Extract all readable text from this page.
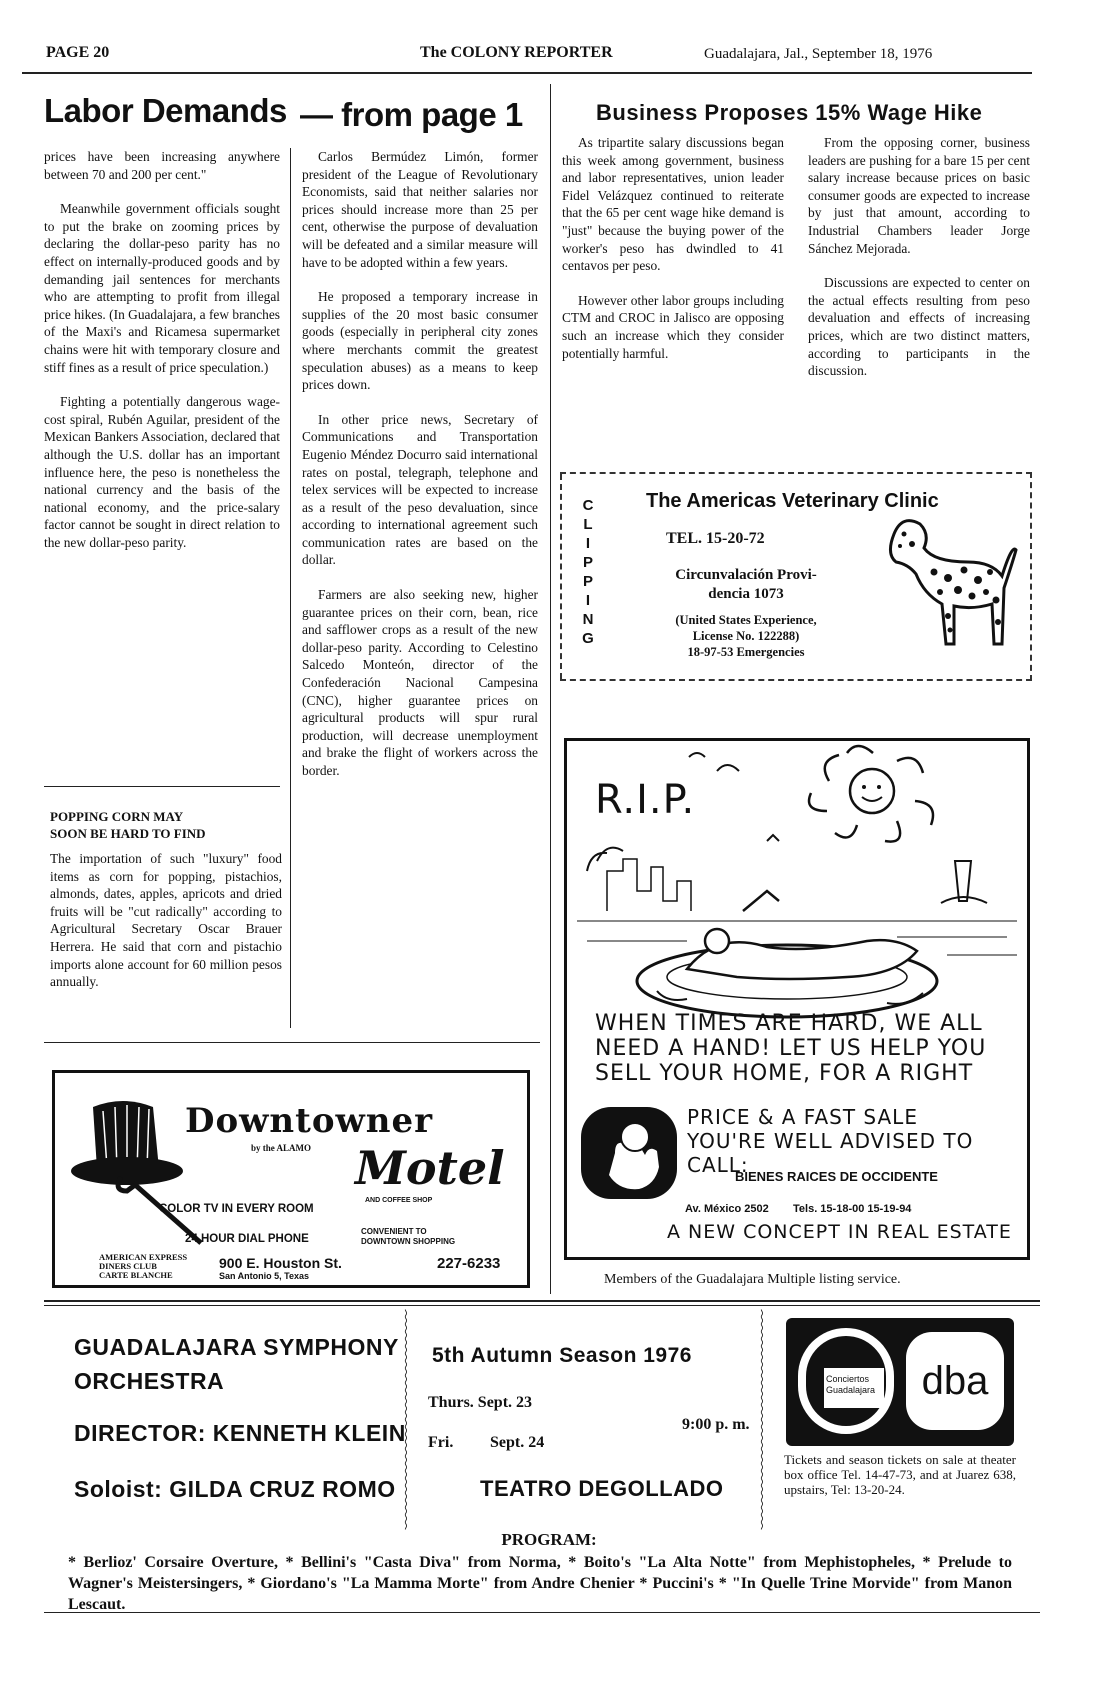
PAGE 20	The COLONY REPORTER	Guadalajara, Jal., September 18, 1976
Labor Demands — from page 1

prices have been increasing anywhere between 70 and 200 per cent."

Meanwhile government officials sought to put the brake on zooming prices by declaring the dollar-peso parity has no effect on internally-produced goods and by demanding jail sentences for merchants who are attempting to profit from illegal price hikes. (In Guadalajara, a few branches of the Maxi's and Ricamesa supermarket chains were hit with temporary closure and stiff fines as a result of price speculation.)

Fighting a potentially dangerous wage-cost spiral, Rubén Aguilar, president of the Mexican Bankers Association, declared that although the U.S. dollar has an important influence here, the peso is nonetheless the national currency and the basis of the national economy, and the price-salary factor cannot be sought in direct relation to the new dollar-peso parity.

POPPING CORN MAY
SOON BE HARD TO FIND
The importation of such "luxury" food items as corn for popping, pistachios, almonds, dates, apples, apricots and dried fruits will be "cut radically" according to Agricultural Secretary Oscar Brauer Herrera. He said that corn and pistachio imports alone account for 60 million pesos annually.

Carlos Bermúdez Limón, former president of the League of Revolutionary Economists, said that neither salaries nor prices should increase more than 25 per cent, otherwise the purpose of devaluation will be defeated and a similar measure will have to be adopted within a few years.

He proposed a temporary increase in supplies of the 20 most basic consumer goods (especially in peripheral city zones where merchants commit the greatest speculation abuses) as a means to keep prices down.

In other price news, Secretary of Communications and Transportation Eugenio Méndez Docurro said international rates on postal, telegraph, telephone and telex services will be expected to increase as a result of the peso devaluation, since according to international agreement such communication rates are based on the dollar.

Farmers are also seeking new, higher guarantee prices on their corn, bean, rice and safflower crops as a result of the new dollar-peso parity. According to Celestino Salcedo Monteón, director of the Confederación Nacional Campesina (CNC), higher guarantee prices on agricultural products will spur rural production, will decrease unemployment and brake the flight of workers across the border.

Business Proposes 15% Wage Hike

As tripartite salary discussions began this week among government, business and labor representatives, union leader Fidel Velázquez continued to reiterate that the 65 per cent wage hike demand is "just" because the buying power of the worker's peso has dwindled to 41 centavos per peso.

However other labor groups including CTM and CROC in Jalisco are opposing such an increase which they consider potentially harmful.

From the opposing corner, business leaders are pushing for a bare 15 per cent salary increase because prices on basic consumer goods are expected to increase by just that amount, according to Industrial Chambers leader Jorge Sánchez Mejorada.

Discussions are expected to center on the actual effects resulting from peso devaluation and effects of increasing prices, which are two distinct matters, according to participants in the discussion.

C
L
I
P
P
I
N
G
The Americas Veterinary Clinic
TEL. 15-20-72
Circunvalación Provi-
dencia 1073
(United States Experience,
License No. 122288)
18-97-53 Emergencies
R.I.P.
WHEN TIMES ARE HARD, WE ALL
NEED A HAND! LET US HELP YOU
SELL YOUR HOME, FOR A RIGHT
PRICE & A FAST SALE
YOU'RE WELL ADVISED TO CALL:
BIENES RAICES DE OCCIDENTE
Av. México 2502 Tels. 15-18-00 15-19-94
A NEW CONCEPT IN REAL ESTATE
Members of the Guadalajara Multiple listing service.
Downtowner
by the ALAMO Motel
COLOR TV IN EVERY ROOM
AND COFFEE SHOP
24 HOUR DIAL PHONE
CONVENIENT TO
DOWNTOWN SHOPPING
AMERICAN EXPRESS
DINERS CLUB
CARTE BLANCHE
900 E. Houston St.
San Antonio 5, Texas
227-6233
GUADALAJARA SYMPHONY
ORCHESTRA
DIRECTOR: KENNETH KLEIN
Soloist: GILDA CRUZ ROMO
︴
︴
︴
︴
︴
︴
︴
︴
︴
︴
5th Autumn Season 1976
Thurs. Sept. 23
Fri. Sept. 24
9:00 p. m.
TEATRO DEGOLLADO
︴
︴
︴
︴
︴
︴
︴
︴
︴
︴
Conciertos
Guadalajara	dba
Tickets and season tickets on sale at theater box office Tel. 14-47-73, and at Juarez 638, upstairs, Tel: 13-20-24.
PROGRAM:
* Berlioz' Corsaire Overture, * Bellini's "Casta Diva" from Norma, * Boito's "La Alta Notte" from Mephistopheles, * Prelude to Wagner's Meistersingers, * Giordano's "La Mamma Morte" from Andre Chenier * Puccini's * "In Quelle Trine Morvide" from Manon Lescaut.
